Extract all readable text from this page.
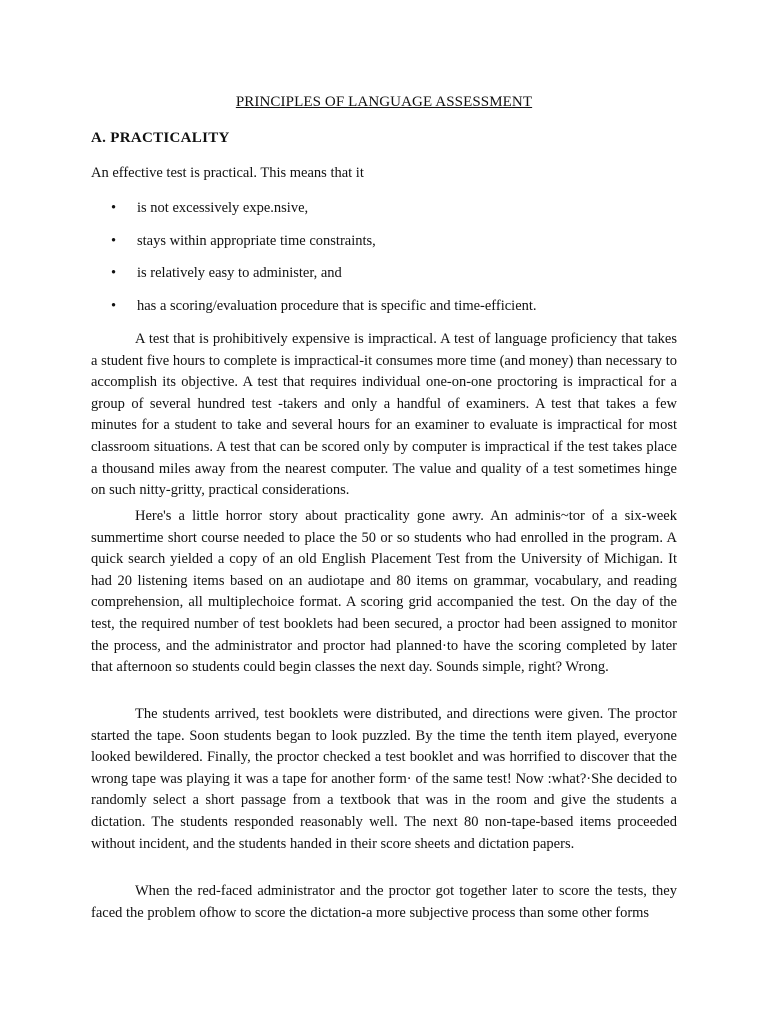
PRINCIPLES OF LANGUAGE ASSESSMENT
A. PRACTICALITY
An effective test is practical. This means that it
• is not excessively expe.nsive,
• stays within appropriate time constraints,
• is relatively easy to administer, and
• has a scoring/evaluation procedure that is specific and time-efficient.

A test that is prohibitively expensive is impractical. A test of language proficiency that takes a student five hours to complete is impractical-it consumes more time (and money) than necessary to accomplish its objective. A test that requires individual one-on-one proctoring is impractical for a group of several hundred test -takers and only a handful of examiners. A test that takes a few minutes for a student to take and several hours for an examiner to evaluate is impractical for most classroom situations. A test that can be scored only by computer is impractical if the test takes place a thousand miles away from the nearest computer. The value and quality of a test sometimes hinge on such nitty-gritty, practical considerations.

Here's a little horror story about practicality gone awry. An adminis~tor of a six-week summertime short course needed to place the 50 or so students who had enrolled in the program. A quick search yielded a copy of an old English Placement Test from the University of Michigan. It had 20 listening items based on an audiotape and 80 items on grammar, vocabulary, and reading comprehension, all multiplechoice format. A scoring grid accompanied the test. On the day of the test, the required number of test booklets had been secured, a proctor had been assigned to monitor the process, and the administrator and proctor had planned·to have the scoring completed by later that afternoon so students could begin classes the next day. Sounds simple, right? Wrong.

The students arrived, test booklets were distributed, and directions were given. The proctor started the tape. Soon students began to look puzzled. By the time the tenth item played, everyone looked bewildered. Finally, the proctor checked a test booklet and was horrified to discover that the wrong tape was playing it was a tape for another form· of the same test! Now :what?·She decided to randomly select a short passage from a textbook that was in the room and give the students a dictation. The students responded reasonably well. The next 80 non-tape-based items proceeded without incident, and the students handed in their score sheets and dictation papers.

When the red-faced administrator and the proctor got together later to score the tests, they faced the problem ofhow to score the dictation-a more subjective process than some other forms
